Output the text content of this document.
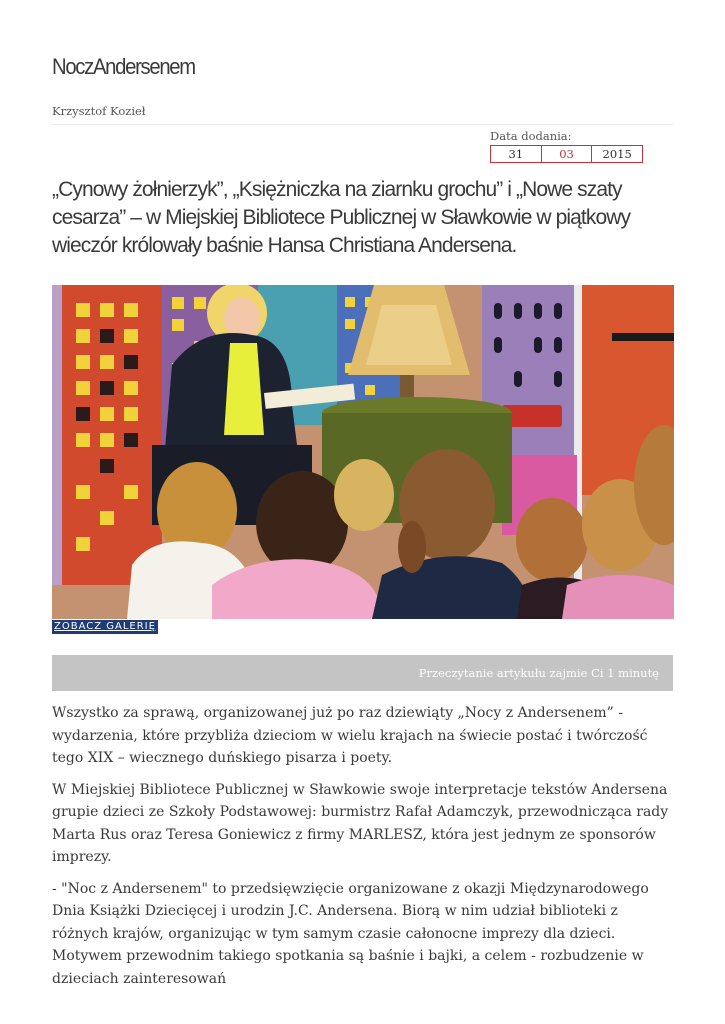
NoczAndersenem
Krzysztof Kozieł
Data dodania:
31	03	2015
„Cynowy żołnierzyk”, „Księżniczka na ziarnku grochu” i „Nowe szaty cesarza” – w Miejskiej Bibliotece Publicznej w Sławkowie w piątkowy wieczór królowały baśnie Hansa Christiana Andersena.
ZOBACZ GALERIĘ
Przeczytanie artykułu zajmie Ci 1 minutę

Wszystko za sprawą, organizowanej już po raz dziewiąty „Nocy z Andersenem” - wydarzenia, które przybliża dzieciom w wielu krajach na świecie postać i twórczość tego XIX – wiecznego duńskiego pisarza i poety.

W Miejskiej Bibliotece Publicznej w Sławkowie swoje interpretacje tekstów Andersena grupie dzieci ze Szkoły Podstawowej: burmistrz Rafał Adamczyk, przewodnicząca rady Marta Rus oraz Teresa Goniewicz z firmy MARLESZ, która jest jednym ze sponsorów imprezy.

- "Noc z Andersenem" to przedsięwzięcie organizowane z okazji Międzynarodowego Dnia Książki Dziecięcej i urodzin J.C. Andersena. Biorą w nim udział biblioteki z różnych krajów, organizując w tym samym czasie całonocne imprezy dla dzieci. Motywem przewodnim takiego spotkania są baśnie i bajki, a celem - rozbudzenie w dzieciach zainteresowań
